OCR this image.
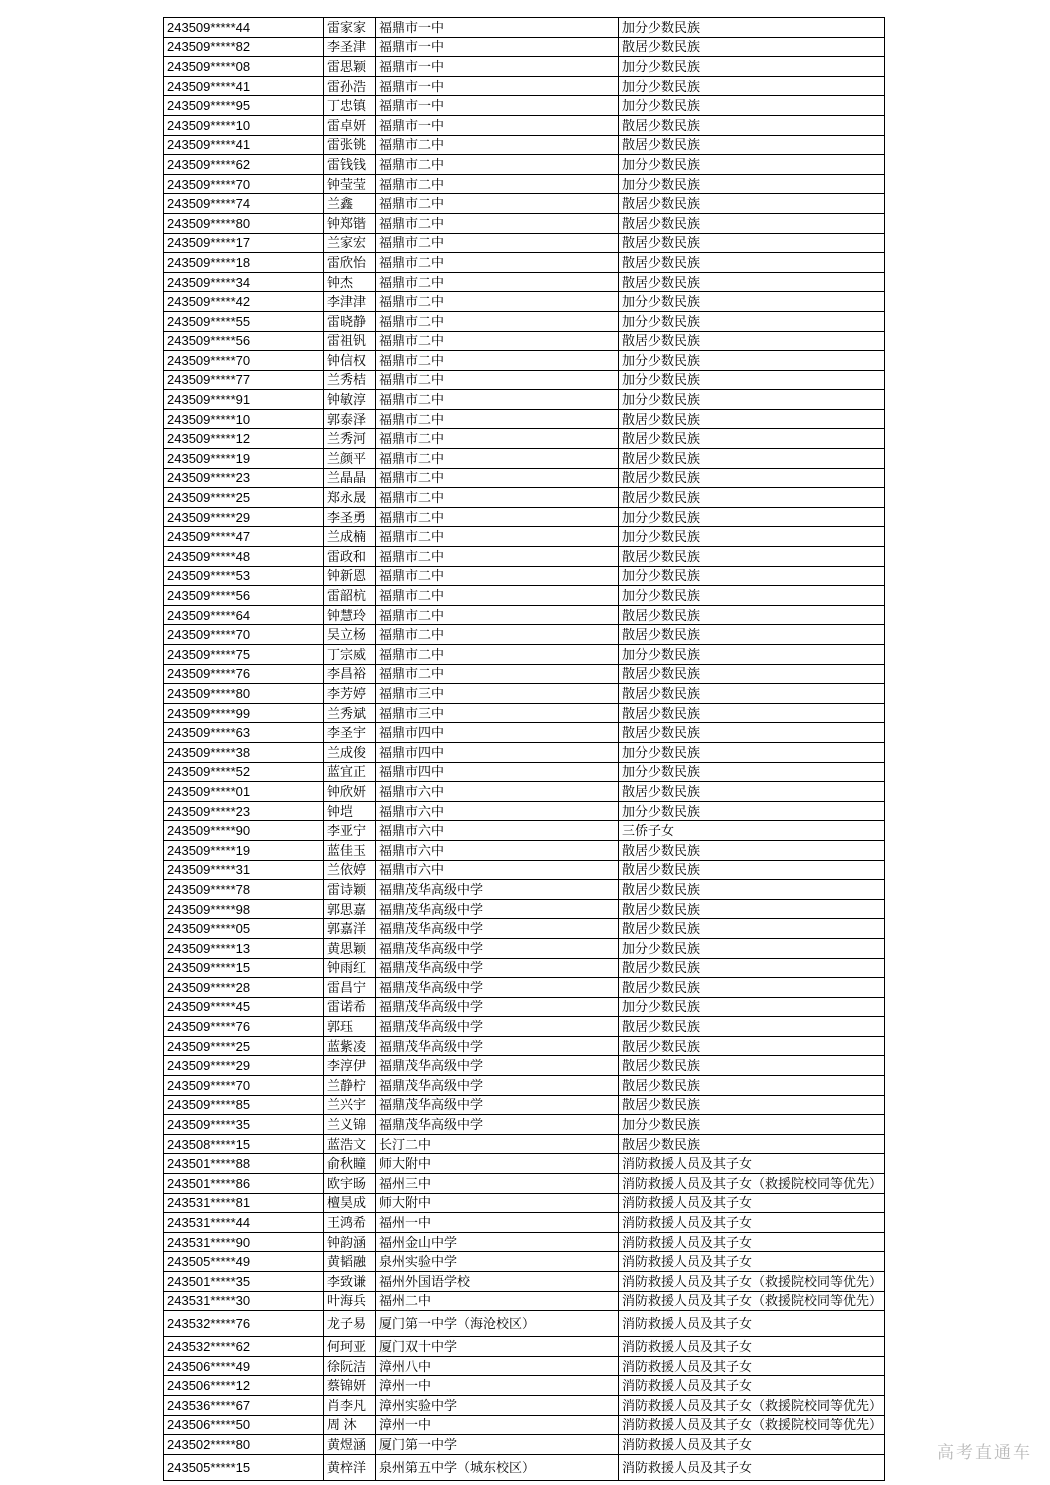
243509*****44	雷家家	福鼎市一中	加分少数民族
243509*****82	李圣津	福鼎市一中	散居少数民族
243509*****08	雷思颖	福鼎市一中	加分少数民族
243509*****41	雷孙浩	福鼎市一中	加分少数民族
243509*****95	丁忠镇	福鼎市一中	加分少数民族
243509*****10	雷卓妍	福鼎市一中	散居少数民族
243509*****41	雷张铫	福鼎市二中	散居少数民族
243509*****62	雷钱钱	福鼎市二中	加分少数民族
243509*****70	钟莹莹	福鼎市二中	加分少数民族
243509*****74	兰鑫	福鼎市二中	散居少数民族
243509*****80	钟郑锴	福鼎市二中	散居少数民族
243509*****17	兰家宏	福鼎市二中	散居少数民族
243509*****18	雷欣怡	福鼎市二中	散居少数民族
243509*****34	钟杰	福鼎市二中	散居少数民族
243509*****42	李津津	福鼎市二中	加分少数民族
243509*****55	雷晓静	福鼎市二中	加分少数民族
243509*****56	雷祖钒	福鼎市二中	散居少数民族
243509*****70	钟信权	福鼎市二中	加分少数民族
243509*****77	兰秀桔	福鼎市二中	加分少数民族
243509*****91	钟敏淳	福鼎市二中	加分少数民族
243509*****10	郭泰泽	福鼎市二中	散居少数民族
243509*****12	兰秀河	福鼎市二中	散居少数民族
243509*****19	兰颜平	福鼎市二中	散居少数民族
243509*****23	兰晶晶	福鼎市二中	散居少数民族
243509*****25	郑永晟	福鼎市二中	散居少数民族
243509*****29	李圣勇	福鼎市二中	加分少数民族
243509*****47	兰成楠	福鼎市二中	加分少数民族
243509*****48	雷政和	福鼎市二中	散居少数民族
243509*****53	钟新恩	福鼎市二中	加分少数民族
243509*****56	雷韶杭	福鼎市二中	加分少数民族
243509*****64	钟慧玲	福鼎市二中	散居少数民族
243509*****70	吴立杨	福鼎市二中	散居少数民族
243509*****75	丁宗威	福鼎市二中	加分少数民族
243509*****76	李昌裕	福鼎市二中	散居少数民族
243509*****80	李芳婷	福鼎市三中	散居少数民族
243509*****99	兰秀斌	福鼎市三中	散居少数民族
243509*****63	李圣宇	福鼎市四中	散居少数民族
243509*****38	兰成俊	福鼎市四中	加分少数民族
243509*****52	蓝宜正	福鼎市四中	加分少数民族
243509*****01	钟欣妍	福鼎市六中	散居少数民族
243509*****23	钟垲	福鼎市六中	加分少数民族
243509*****90	李亚宁	福鼎市六中	三侨子女
243509*****19	蓝佳玉	福鼎市六中	散居少数民族
243509*****31	兰依婷	福鼎市六中	散居少数民族
243509*****78	雷诗颖	福鼎茂华高级中学	散居少数民族
243509*****98	郭思嘉	福鼎茂华高级中学	散居少数民族
243509*****05	郭嘉洋	福鼎茂华高级中学	散居少数民族
243509*****13	黄思颖	福鼎茂华高级中学	加分少数民族
243509*****15	钟雨红	福鼎茂华高级中学	散居少数民族
243509*****28	雷昌宁	福鼎茂华高级中学	散居少数民族
243509*****45	雷诺希	福鼎茂华高级中学	加分少数民族
243509*****76	郭珏	福鼎茂华高级中学	散居少数民族
243509*****25	蓝紫凌	福鼎茂华高级中学	散居少数民族
243509*****29	李淳伊	福鼎茂华高级中学	散居少数民族
243509*****70	兰静柠	福鼎茂华高级中学	散居少数民族
243509*****85	兰兴宇	福鼎茂华高级中学	散居少数民族
243509*****35	兰义锦	福鼎茂华高级中学	加分少数民族
243508*****15	蓝浩文	长汀二中	散居少数民族
243501*****88	俞秋瞳	师大附中	消防救援人员及其子女
243501*****86	欧宇旸	福州三中	消防救援人员及其子女（救援院校同等优先）
243531*****81	檀昊成	师大附中	消防救援人员及其子女
243531*****44	王鸿希	福州一中	消防救援人员及其子女
243531*****90	钟韵涵	福州金山中学	消防救援人员及其子女
243505*****49	黄韬融	泉州实验中学	消防救援人员及其子女
243501*****35	李致谦	福州外国语学校	消防救援人员及其子女（救援院校同等优先）
243531*****30	叶海兵	福州二中	消防救援人员及其子女（救援院校同等优先）
243532*****76	龙子易	厦门第一中学（海沧校区）	消防救援人员及其子女
243532*****62	何珂亚	厦门双十中学	消防救援人员及其子女
243506*****49	徐阮洁	漳州八中	消防救援人员及其子女
243506*****12	蔡锦妍	漳州一中	消防救援人员及其子女
243536*****67	肖李凡	漳州实验中学	消防救援人员及其子女（救援院校同等优先）
243506*****50	周 沐	漳州一中	消防救援人员及其子女（救援院校同等优先）
243502*****80	黄煜涵	厦门第一中学	消防救援人员及其子女
243505*****15	黄梓洋	泉州第五中学（城东校区）	消防救援人员及其子女
高考直通车
